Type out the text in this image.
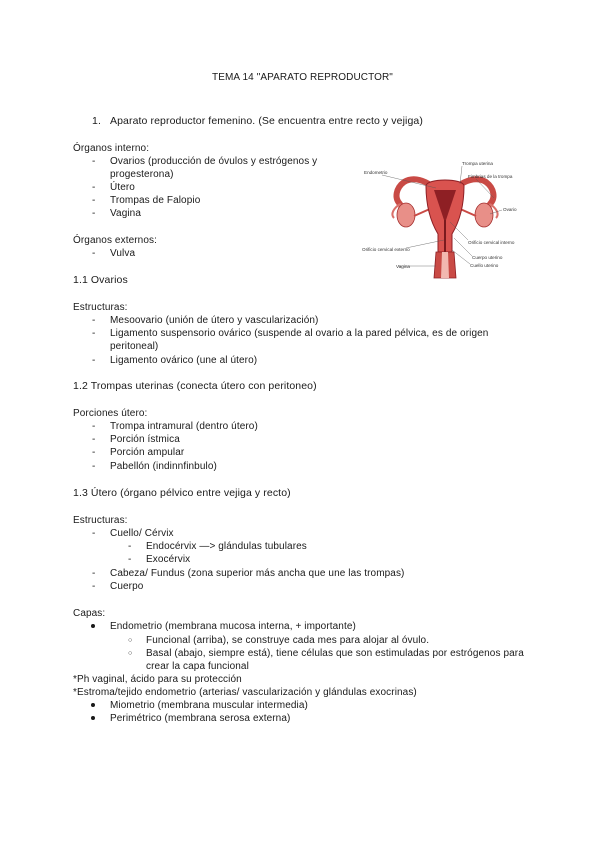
TEMA 14 "APARATO REPRODUCTOR"
1. Aparato reproductor femenino. (Se encuentra entre recto y vejiga)
Órganos interno:
- Ovarios (producción de óvulos y estrógenos y
progesterona)
- Útero
- Trompas de Falopio
- Vagina
Órganos externos:
- Vulva
1.1 Ovarios
Estructuras:
- Mesoovario (unión de útero y vascularización)
- Ligamento suspensorio ovárico (suspende al ovario a la pared pélvica, es de origen
peritoneal)
- Ligamento ovárico (une al útero)
1.2 Trompas uterinas (conecta útero con peritoneo)
Porciones útero:
- Trompa intramural (dentro útero)
- Porción ístmica
- Porción ampular
- Pabellón (indinnfinbulo)
1.3 Útero (órgano pélvico entre vejiga y recto)
Estructuras:
- Cuello/ Cérvix
- Endocérvix —> glándulas tubulares
- Exocérvix
- Cabeza/ Fundus (zona superior más ancha que une las trompas)
- Cuerpo
Capas:
Endometrio (membrana mucosa interna, + importante)
○ Funcional (arriba), se construye cada mes para alojar al óvulo.
○ Basal (abajo, siempre está), tiene células que son estimuladas por estrógenos para
crear la capa funcional
*Ph vaginal, ácido para su protección
*Estroma/tejido endometrio (arterias/ vascularización y glándulas exocrinas)
Miometrio (membrana muscular intermedia)
Perimétrico (membrana serosa externa)
Endometrio
Trompa uterina
Fimbrias de la trompa
Ovario
Orificio cervical interno
Orificio cervical externo
Cuerpo uterino
Cuello uterino
Vagina
